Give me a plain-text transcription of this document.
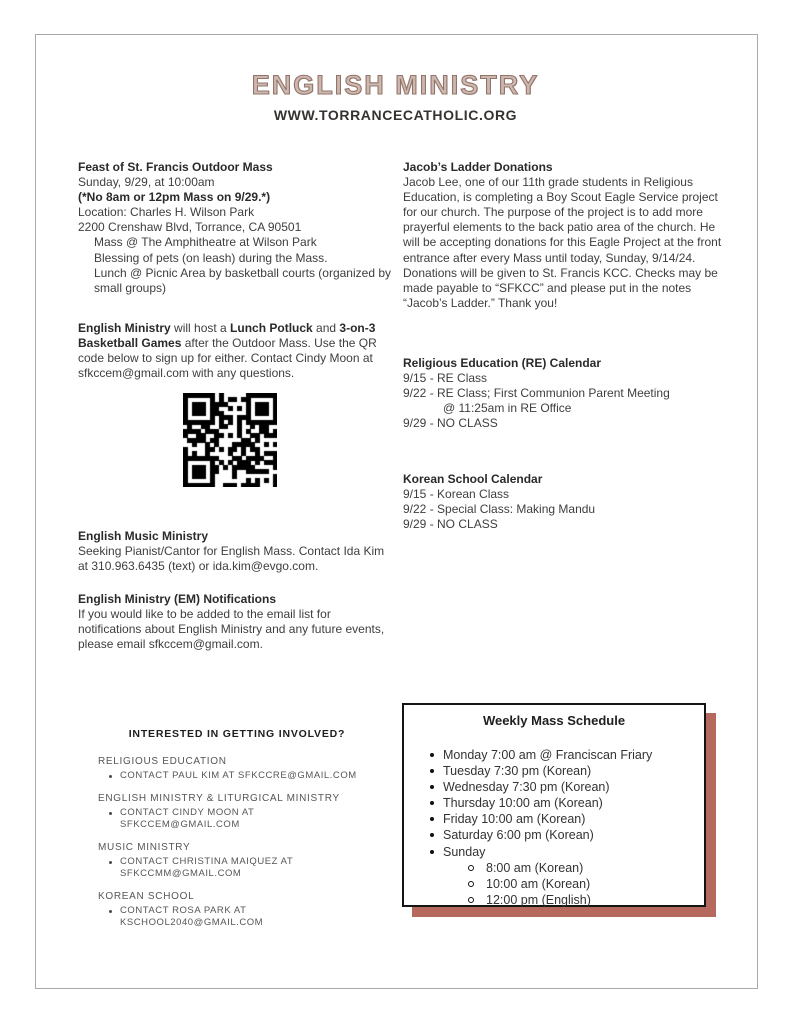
ENGLISH MINISTRY
WWW.TORRANCECATHOLIC.ORG
Feast of St. Francis Outdoor Mass
Sunday, 9/29, at 10:00am
(*No 8am or 12pm Mass on 9/29.*)
Location: Charles H. Wilson Park
2200 Crenshaw Blvd, Torrance, CA 90501
Mass @ The Amphitheatre at Wilson Park
Blessing of pets (on leash) during the Mass.
Lunch @ Picnic Area by basketball courts (organized by small groups)
English Ministry will host a Lunch Potluck and 3-on-3 Basketball Games after the Outdoor Mass. Use the QR code below to sign up for either. Contact Cindy Moon at sfkccem@gmail.com with any questions.
English Music Ministry
Seeking Pianist/Cantor for English Mass. Contact Ida Kim at 310.963.6435 (text) or ida.kim@evgo.com.
English Ministry (EM) Notifications
If you would like to be added to the email list for notifications about English Ministry and any future events, please email sfkccem@gmail.com.
INTERESTED IN GETTING INVOLVED?
RELIGIOUS EDUCATION
CONTACT PAUL KIM AT SFKCCRE@GMAIL.COM
ENGLISH MINISTRY & LITURGICAL MINISTRY
CONTACT CINDY MOON AT SFKCCEM@GMAIL.COM
MUSIC MINISTRY
CONTACT CHRISTINA MAIQUEZ AT SFKCCMM@GMAIL.COM
KOREAN SCHOOL
CONTACT ROSA PARK AT KSCHOOL2040@GMAIL.COM
Jacob’s Ladder Donations
Jacob Lee, one of our 11th grade students in Religious Education, is completing a Boy Scout Eagle Service project for our church. The purpose of the project is to add more prayerful elements to the back patio area of the church. He will be accepting donations for this Eagle Project at the front entrance after every Mass until today, Sunday, 9/14/24. Donations will be given to St. Francis KCC. Checks may be made payable to “SFKCC” and please put in the notes “Jacob’s Ladder.” Thank you!
Religious Education (RE) Calendar
9/15 - RE Class
9/22 - RE Class; First Communion Parent Meeting
@ 11:25am in RE Office
9/29 - NO CLASS
Korean School Calendar
9/15 - Korean Class
9/22 - Special Class: Making Mandu
9/29 - NO CLASS
Weekly Mass Schedule
Monday 7:00 am @ Franciscan Friary
Tuesday 7:30 pm (Korean)
Wednesday 7:30 pm (Korean)
Thursday 10:00 am (Korean)
Friday 10:00 am (Korean)
Saturday 6:00 pm (Korean)
Sunday
8:00 am (Korean)
10:00 am (Korean)
12:00 pm (English)
